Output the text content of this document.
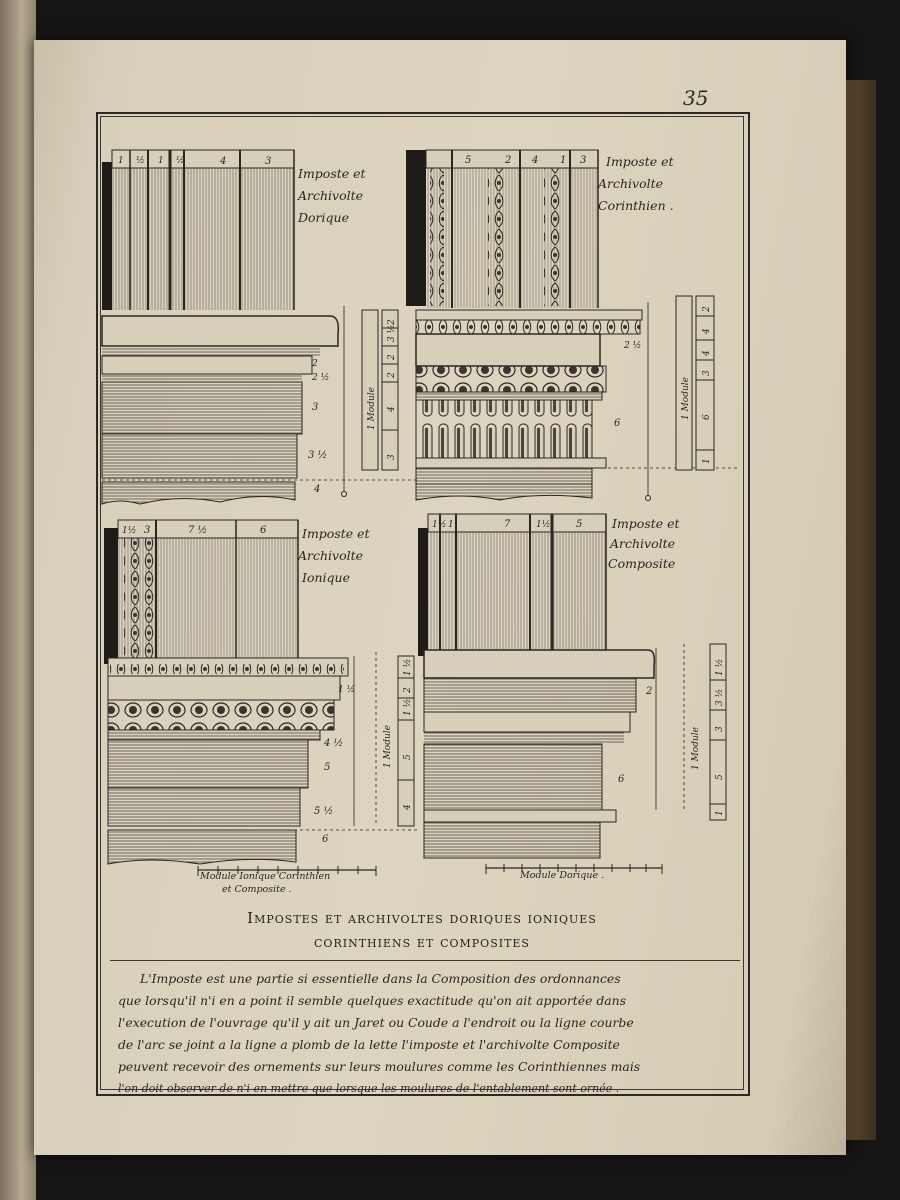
35
1 ½ 1 ½	4	3
Imposte et
Archivolte
Dorique
2
2 ½
3
3 ½
4
2
3 ½
2
2
4
3
1 Module
5	2 4 1 3 Imposte et
Archivolte
Corinthien .
2 ½
6
2
4
4
3
6
1
1 Module
1½ 3	7 ½	6	Imposte et
Archivolte
Ionique
1 ½
4 ½
5
5 ½
6
1 ½
2
1 ½
5
4
1 Module
1½ 1	7	1½	5 Imposte et
Archivolte
Composite
2
6
1 ½
3 ½
3
5
1
1 Module
Module Ionique Corinthien
et Composite .
Module Dorique .
Impostes et archivoltes doriques ioniques
corinthiens et composites
L'Imposte est une partie si essentielle dans la Composition des ordonnances
que lorsqu'il n'i en a point il semble quelques exactitude qu'on ait apportée dans
l'execution de l'ouvrage qu'il y ait un Jaret ou Coude a l'endroit ou la ligne courbe
de l'arc se joint a la ligne a plomb de la lette l'imposte et l'archivolte Composite
peuvent recevoir des ornements sur leurs moulures comme les Corinthiennes mais
l'on doit observer de n'i en mettre que lorsque les moulures de l'entablement sont ornée .
